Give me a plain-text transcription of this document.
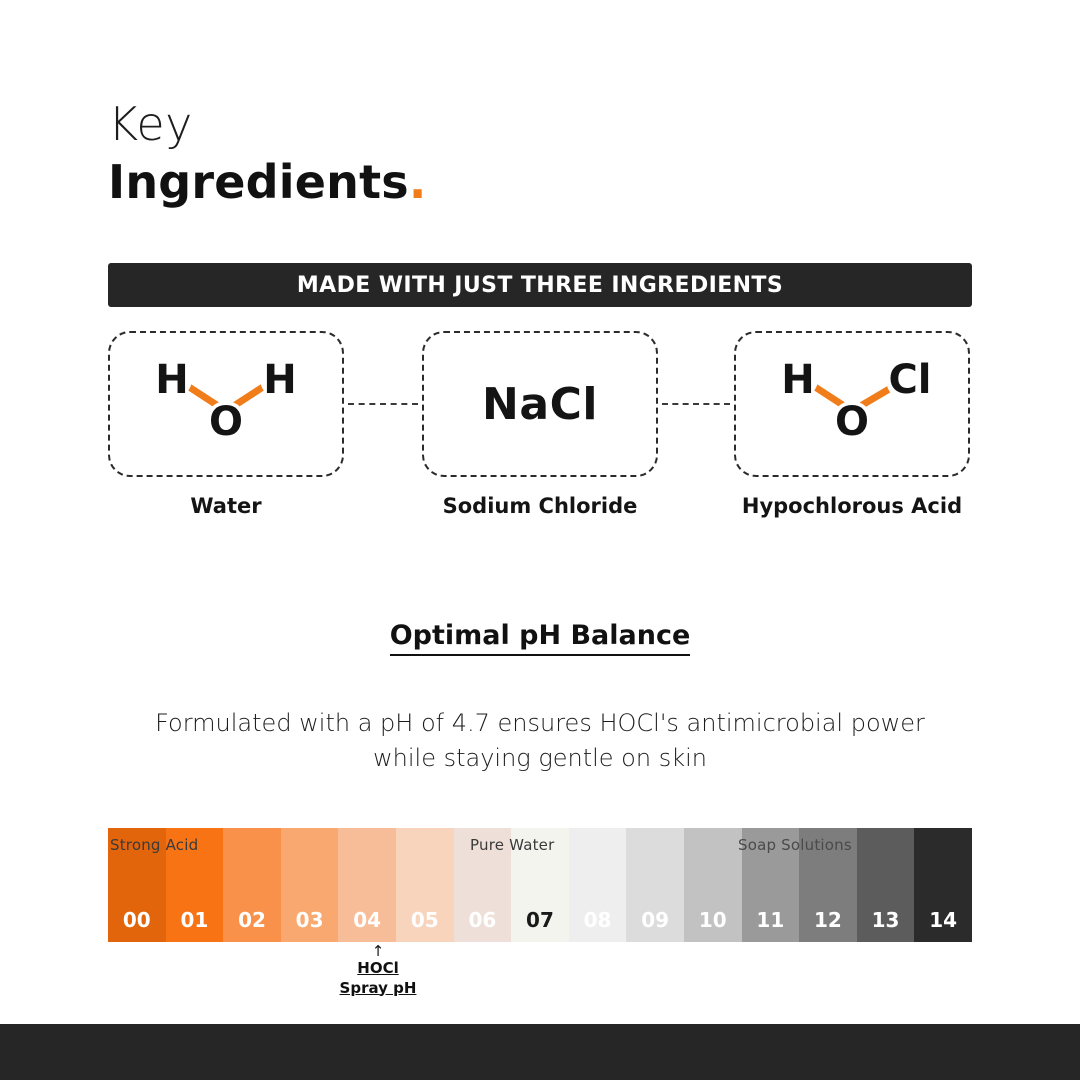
Key
Ingredients.
MADE WITH JUST THREE INGREDIENTS
H H
O	NaCl	H Cl
O
Water	Sodium Chloride	Hypochlorous Acid
Optimal pH Balance
Formulated with a pH of 4.7 ensures HOCl's antimicrobial power while staying gentle on skin
00	01	02	03	04	05	06	07	08	09	10	11	12	13	14
Strong Acid	Pure Water	Soap Solutions
↑
HOCl
Spray pH
